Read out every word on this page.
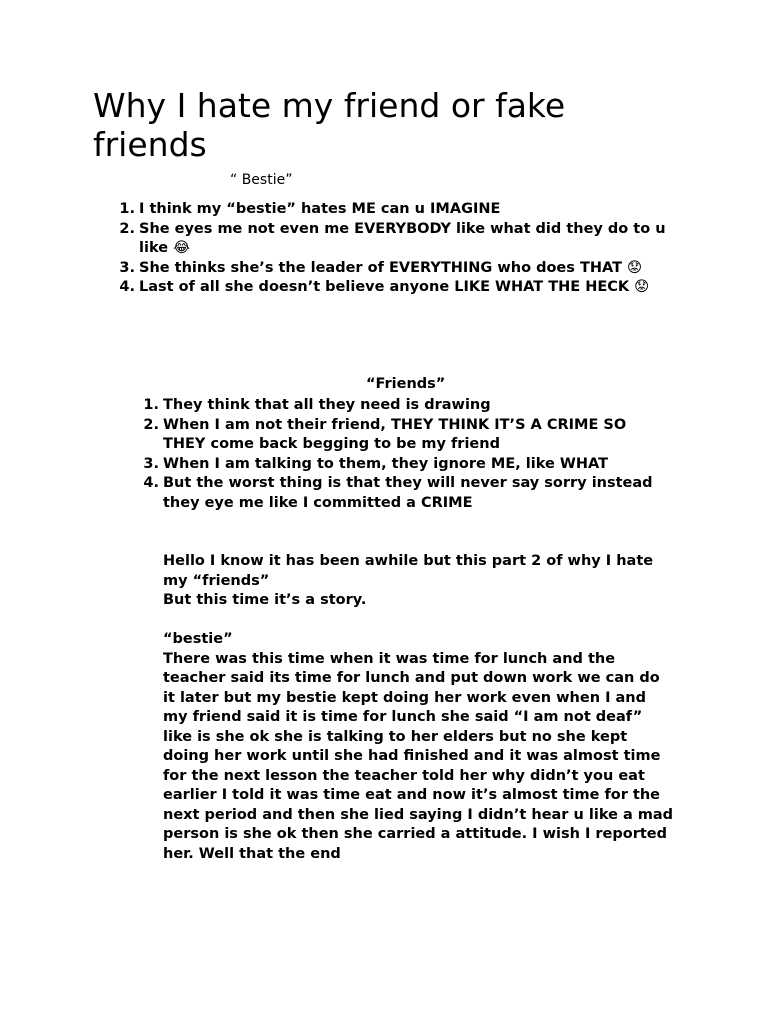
Why I hate my friend or fake friends
“ Bestie”
1. I think my “bestie” hates ME can u IMAGINE
2. She eyes me not even me EVERYBODY like what did they do to u like 😂
3. She thinks she’s the leader of EVERYTHING who does THAT 😟
4. Last of all she doesn’t believe anyone LIKE WHAT THE HECK 😟
“Friends”
1. They think that all they need is drawing
2. When I am not their friend, THEY THINK IT’S A CRIME SO THEY come back begging to be my friend
3. When I am talking to them, they ignore ME, like WHAT
4. But the worst thing is that they will never say sorry instead they eye me like I committed a CRIME

Hello I know it has been awhile but this part 2 of why I hate my “friends”

But this time it’s a story.

“bestie”

There was this time when it was time for lunch and the teacher said its time for lunch and put down work we can do it later but my bestie kept doing her work even when I and my friend said it is time for lunch she said “I am not deaf” like is she ok she is talking to her elders but no she kept doing her work until she had finished and it was almost time for the next lesson the teacher told her why didn’t you eat earlier I told it was time eat and now it’s almost time for the next period and then she lied saying I didn’t hear u like a mad person is she ok then she carried a attitude. I wish I reported her. Well that the end
